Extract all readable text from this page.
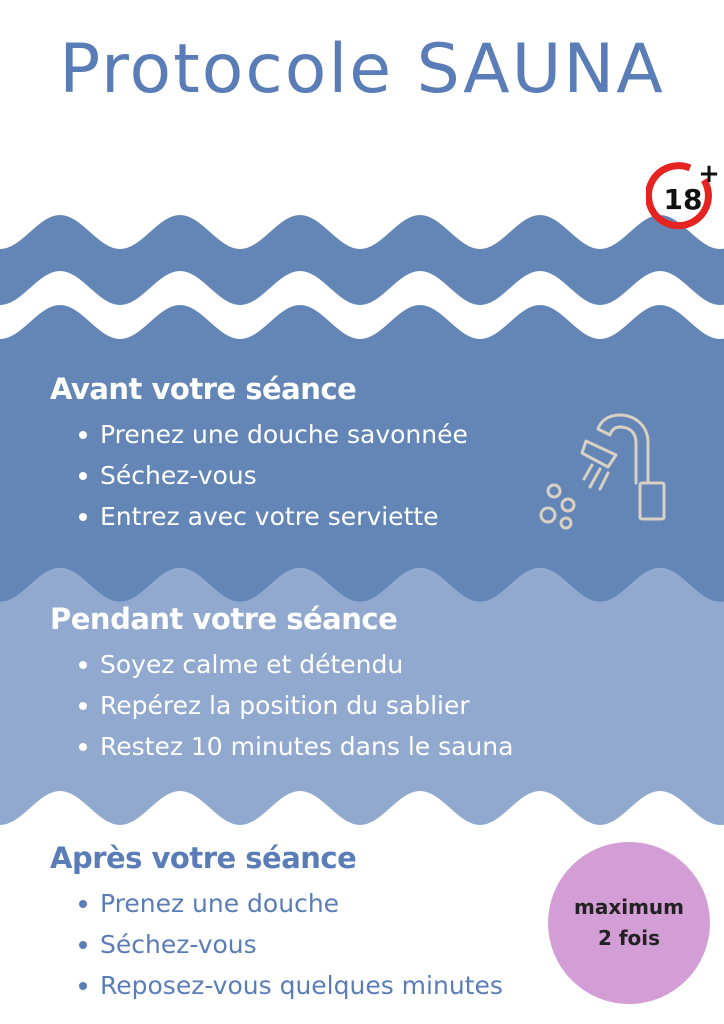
Protocole SAUNA
18
+
Avant votre séance
Prenez une douche savonnée
Séchez-vous
Entrez avec votre serviette
Pendant votre séance
Soyez calme et détendu
Repérez la position du sablier
Restez 10 minutes dans le sauna
Après votre séance
Prenez une douche
Séchez-vous
Reposez-vous quelques minutes
maximum
2 fois
